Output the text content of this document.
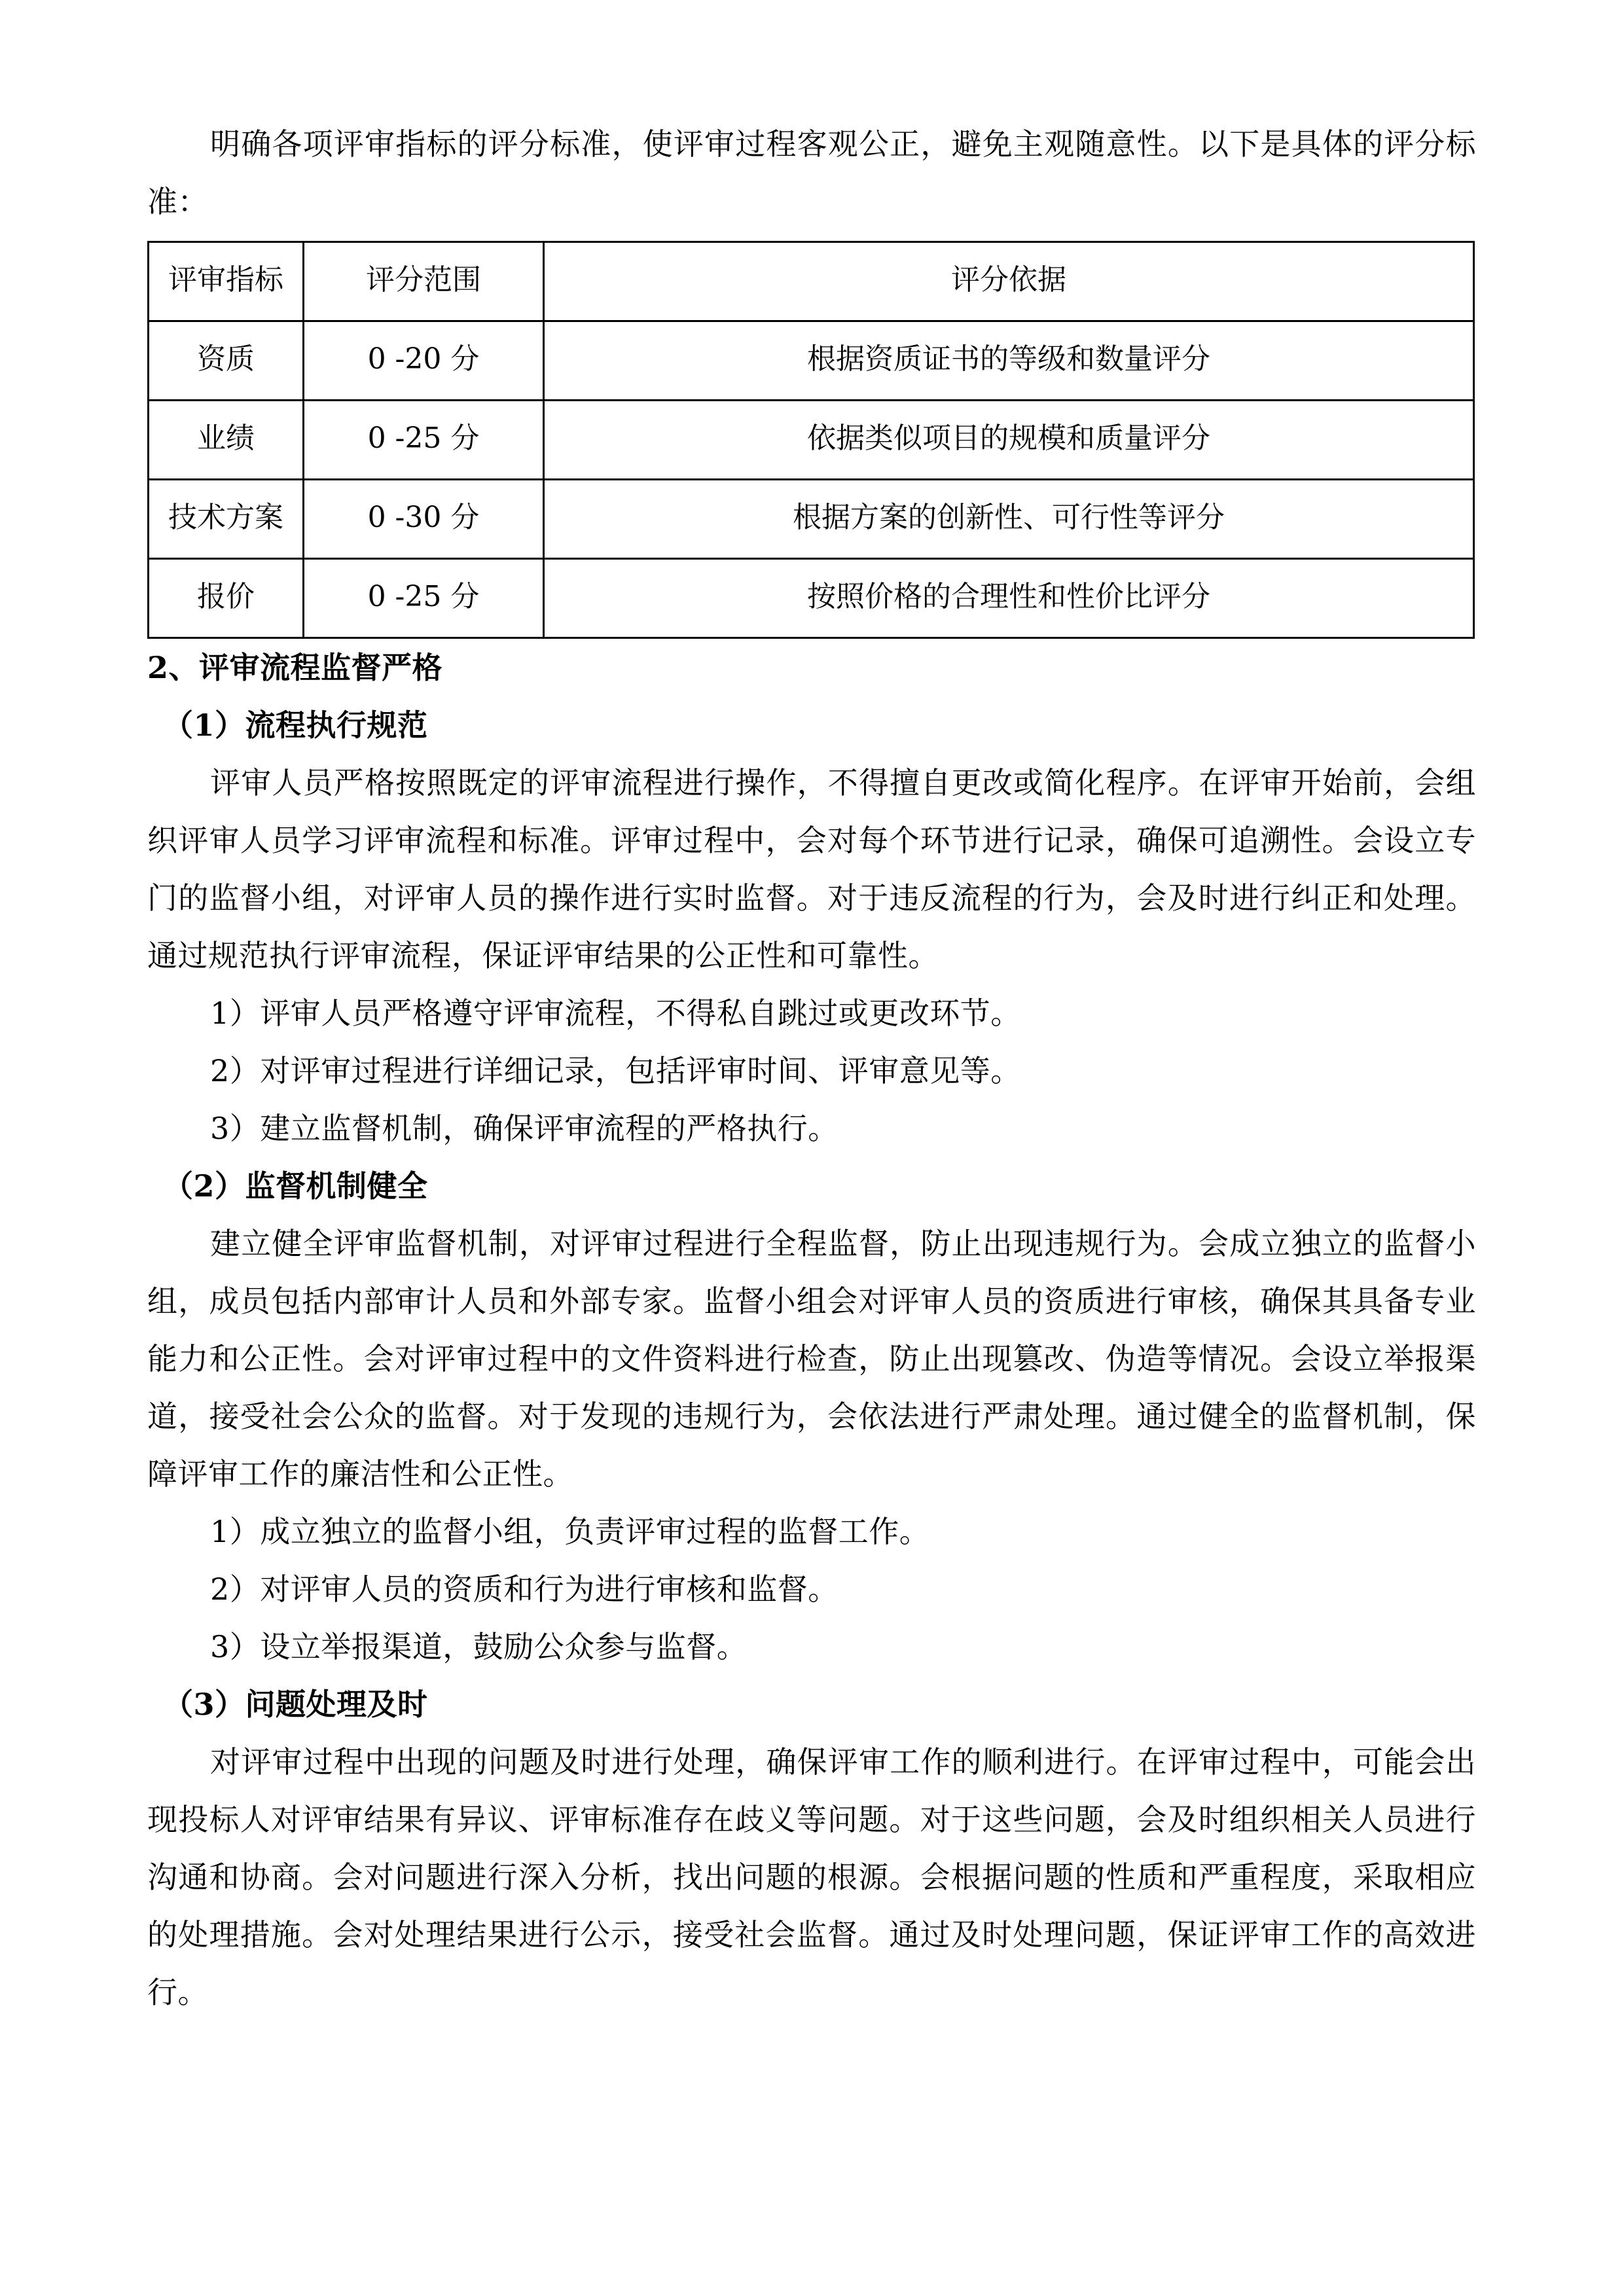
明确各项评审指标的评分标准，使评审过程客观公正，避免主观随意性。以下是具体的评分标准：

评审指标	评分范围	评分依据
资质	0 -20 分	根据资质证书的等级和数量评分
业绩	0 -25 分	依据类似项目的规模和质量评分
技术方案	0 -30 分	根据方案的创新性、可行性等评分
报价	0 -25 分	按照价格的合理性和性价比评分

2、评审流程监督严格

（1）流程执行规范

评审人员严格按照既定的评审流程进行操作，不得擅自更改或简化程序。在评审开始前，会组织评审人员学习评审流程和标准。评审过程中，会对每个环节进行记录，确保可追溯性。会设立专门的监督小组，对评审人员的操作进行实时监督。对于违反流程的行为，会及时进行纠正和处理。通过规范执行评审流程，保证评审结果的公正性和可靠性。

1）评审人员严格遵守评审流程，不得私自跳过或更改环节。

2）对评审过程进行详细记录，包括评审时间、评审意见等。

3）建立监督机制，确保评审流程的严格执行。

（2）监督机制健全

建立健全评审监督机制，对评审过程进行全程监督，防止出现违规行为。会成立独立的监督小组，成员包括内部审计人员和外部专家。监督小组会对评审人员的资质进行审核，确保其具备专业能力和公正性。会对评审过程中的文件资料进行检查，防止出现篡改、伪造等情况。会设立举报渠道，接受社会公众的监督。对于发现的违规行为，会依法进行严肃处理。通过健全的监督机制，保障评审工作的廉洁性和公正性。

1）成立独立的监督小组，负责评审过程的监督工作。

2）对评审人员的资质和行为进行审核和监督。

3）设立举报渠道，鼓励公众参与监督。

（3）问题处理及时

对评审过程中出现的问题及时进行处理，确保评审工作的顺利进行。在评审过程中，可能会出现投标人对评审结果有异议、评审标准存在歧义等问题。对于这些问题，会及时组织相关人员进行沟通和协商。会对问题进行深入分析，找出问题的根源。会根据问题的性质和严重程度，采取相应的处理措施。会对处理结果进行公示，接受社会监督。通过及时处理问题，保证评审工作的高效进行。
